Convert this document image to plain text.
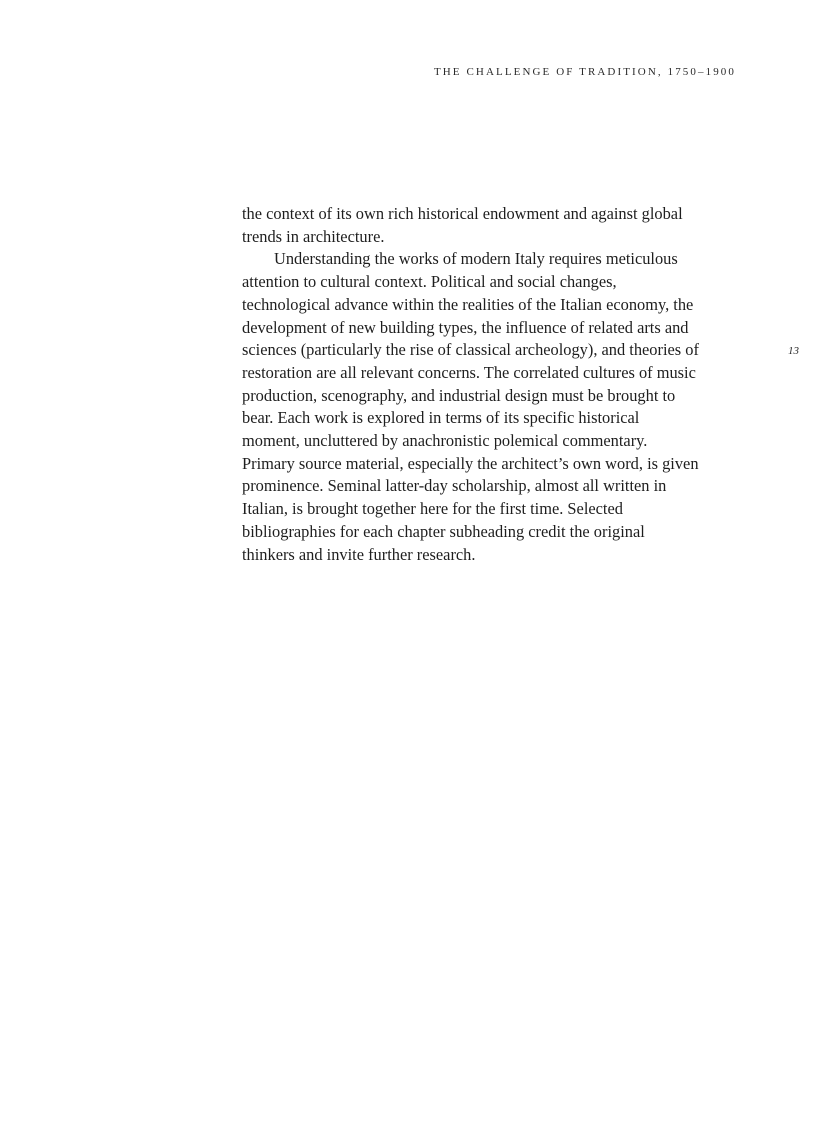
THE CHALLENGE OF TRADITION, 1750–1900
the context of its own rich historical endowment and against global
trends in architecture.
Understanding the works of modern Italy requires meticulous
attention to cultural context. Political and social changes,
technological advance within the realities of the Italian economy, the
development of new building types, the influence of related arts and
sciences (particularly the rise of classical archeology), and theories of
restoration are all relevant concerns. The correlated cultures of music
production, scenography, and industrial design must be brought to
bear. Each work is explored in terms of its specific historical
moment, uncluttered by anachronistic polemical commentary.
Primary source material, especially the architect’s own word, is given
prominence. Seminal latter-day scholarship, almost all written in
Italian, is brought together here for the first time. Selected
bibliographies for each chapter subheading credit the original
thinkers and invite further research.
13
